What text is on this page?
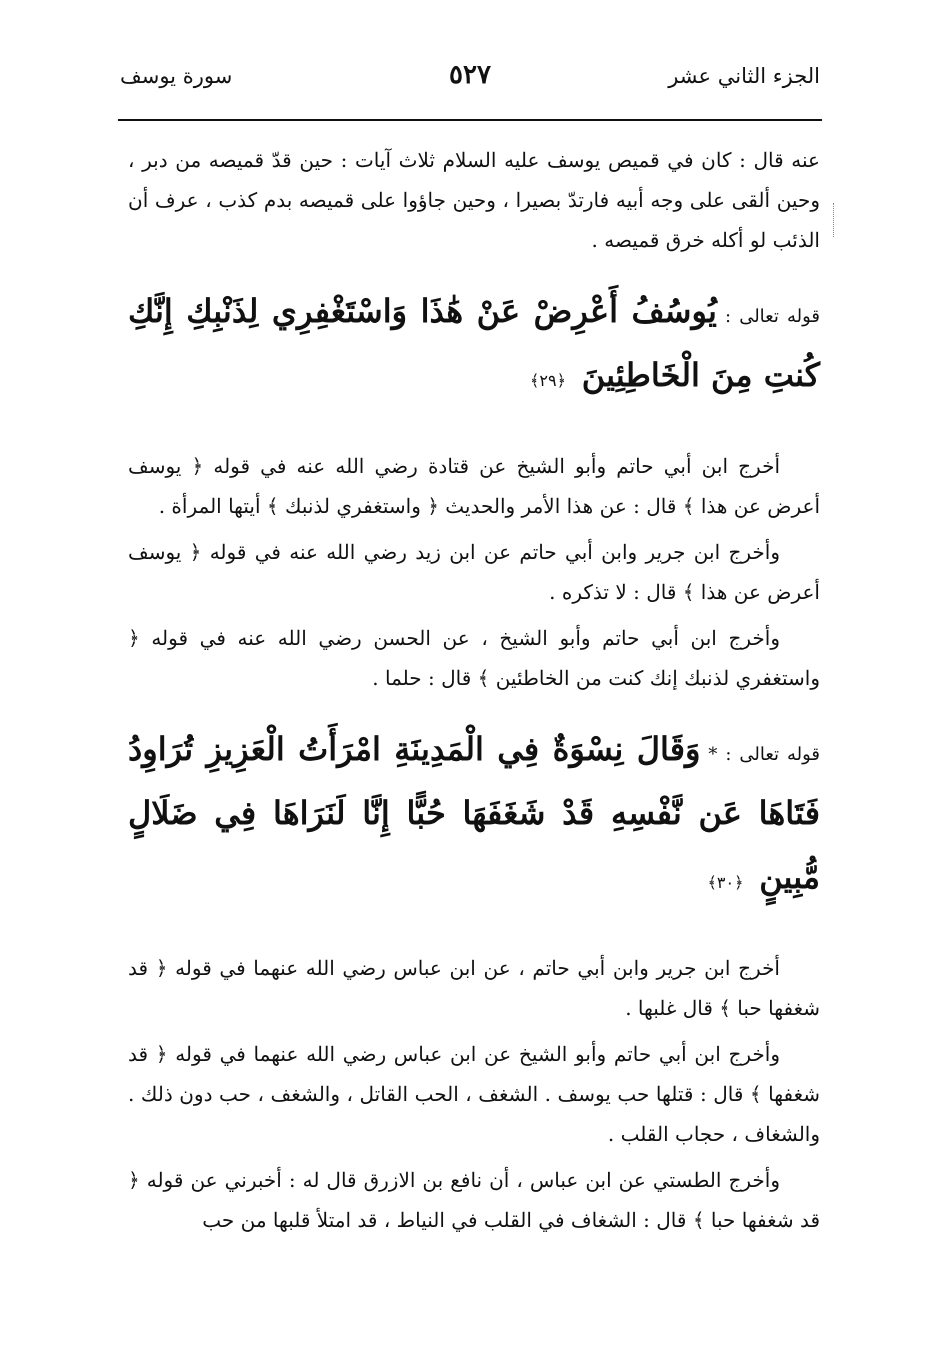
الجزء الثاني عشر
٥٢٧
سورة يوسف

عنه قال : كان في قميص يوسف عليه السلام ثلاث آيات : حين قدّ قميصه من دبر ، وحين ألقى على وجه أبيه فارتدّ بصيرا ، وحين جاؤوا على قميصه بدم كذب ، عرف أن الذئب لو أكله خرق قميصه .

قوله تعالى : يُوسُفُ أَعْرِضْ عَنْ هَٰذَا وَاسْتَغْفِرِي لِذَنْبِكِ إِنَّكِ كُنتِ مِنَ الْخَاطِئِينَ ﴿٢٩﴾

أخرج ابن أبي حاتم وأبو الشيخ عن قتادة رضي الله عنه في قوله ﴿ يوسف أعرض عن هذا ﴾ قال : عن هذا الأمر والحديث ﴿ واستغفري لذنبك ﴾ أيتها المرأة .

وأخرج ابن جرير وابن أبي حاتم عن ابن زيد رضي الله عنه في قوله ﴿ يوسف أعرض عن هذا ﴾ قال : لا تذكره .

وأخرج ابن أبي حاتم وأبو الشيخ ، عن الحسن رضي الله عنه في قوله ﴿ واستغفري لذنبك إنك كنت من الخاطئين ﴾ قال : حلما .

قوله تعالى : * وَقَالَ نِسْوَةٌ فِي الْمَدِينَةِ امْرَأَتُ الْعَزِيزِ تُرَاوِدُ فَتَاهَا عَن نَّفْسِهِ قَدْ شَغَفَهَا حُبًّا إِنَّا لَنَرَاهَا فِي ضَلَالٍ مُّبِينٍ ﴿٣٠﴾

أخرج ابن جرير وابن أبي حاتم ، عن ابن عباس رضي الله عنهما في قوله ﴿ قد شغفها حبا ﴾ قال غلبها .

وأخرج ابن أبي حاتم وأبو الشيخ عن ابن عباس رضي الله عنهما في قوله ﴿ قد شغفها ﴾ قال : قتلها حب يوسف . الشغف ، الحب القاتل ، والشغف ، حب دون ذلك . والشغاف ، حجاب القلب .

وأخرج الطستي عن ابن عباس ، أن نافع بن الازرق قال له : أخبرني عن قوله ﴿ قد شغفها حبا ﴾ قال : الشغاف في القلب في النياط ، قد امتلأ قلبها من حب
